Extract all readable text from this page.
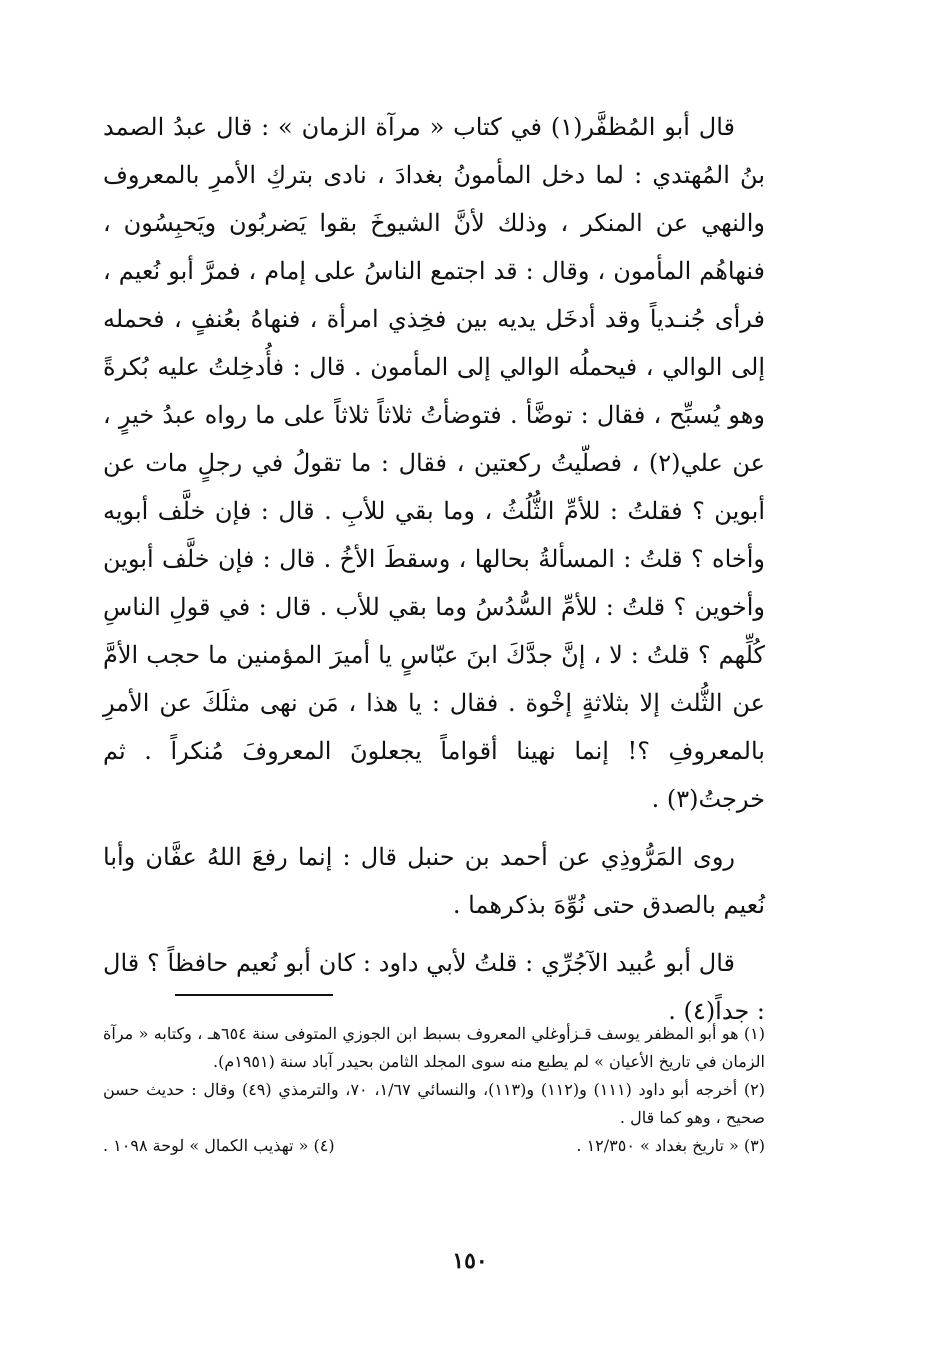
قال أبو المُظفَّر(١) في كتاب « مرآة الزمان » : قال عبدُ الصمد بنُ المُهتدي : لما دخل المأمونُ بغدادَ ، نادى بتركِ الأمرِ بالمعروف والنهي عن المنكر ، وذلك لأنَّ الشيوخَ بقوا يَضربُون ويَحبِسُون ، فنهاهُم المأمون ، وقال : قد اجتمع الناسُ على إمام ، فمرَّ أبو نُعيم ، فرأى جُنـدياً وقد أدخَل يديه بين فخِذي امرأة ، فنهاهُ بعُنفٍ ، فحمله إلى الوالي ، فيحملُه الوالي إلى المأمون . قال : فأُدخِلتُ عليه بُكرةً وهو يُسبِّح ، فقال : توضَّأ . فتوضأتُ ثلاثاً ثلاثاً على ما رواه عبدُ خيرٍ ، عن علي(٢) ، فصلّيتُ ركعتين ، فقال : ما تقولُ في رجلٍ مات عن أبوين ؟ فقلتُ : للأمِّ الثُّلُثُ ، وما بقي للأبِ . قال : فإن خلَّف أبويه وأخاه ؟ قلتُ : المسألةُ بحالها ، وسقطَ الأخُ . قال : فإن خلَّف أبوين وأخوين ؟ قلتُ : للأمِّ السُّدُسُ وما بقي للأب . قال : في قولِ الناسِ كُلِّهم ؟ قلتُ : لا ، إنَّ جدَّكَ ابنَ عبّاسٍ يا أميرَ المؤمنين ما حجب الأمَّ عن الثُّلث إلا بثلاثةٍ إخْوة . فقال : يا هذا ، مَن نهى مثلَكَ عن الأمرِ بالمعروفِ ؟! إنما نهينا أقواماً يجعلونَ المعروفَ مُنكراً . ثم خرجتُ(٣) .

روى المَرُّوذِي عن أحمد بن حنبل قال : إنما رفعَ اللهُ عفَّان وأبا نُعيم بالصدق حتى نُوِّهَ بذكرهما .

قال أبو عُبيد الآجُرِّي : قلتُ لأبي داود : كان أبو نُعيم حافظاً ؟ قال : جداً(٤) .

(١) هو أبو المظفر يوسف قـزأوغلي المعروف بسبط ابن الجوزي المتوفى سنة ٦٥٤هـ ، وكتابه « مرآة الزمان في تاريخ الأعيان » لم يطبع منه سوى المجلد الثامن بحيدر آباد سنة (١٩٥١م).

(٢) أخرجه أبو داود (١١١) و(١١٢) و(١١٣)، والنسائي ١/٦٧، ٧٠، والترمذي (٤٩) وقال : حديث حسن صحيح ، وهو كما قال .

(٣) « تاريخ بغداد » ١٢/٣٥٠ .
(٤) « تهذيب الكمال » لوحة ١٠٩٨ .
١٥٠
